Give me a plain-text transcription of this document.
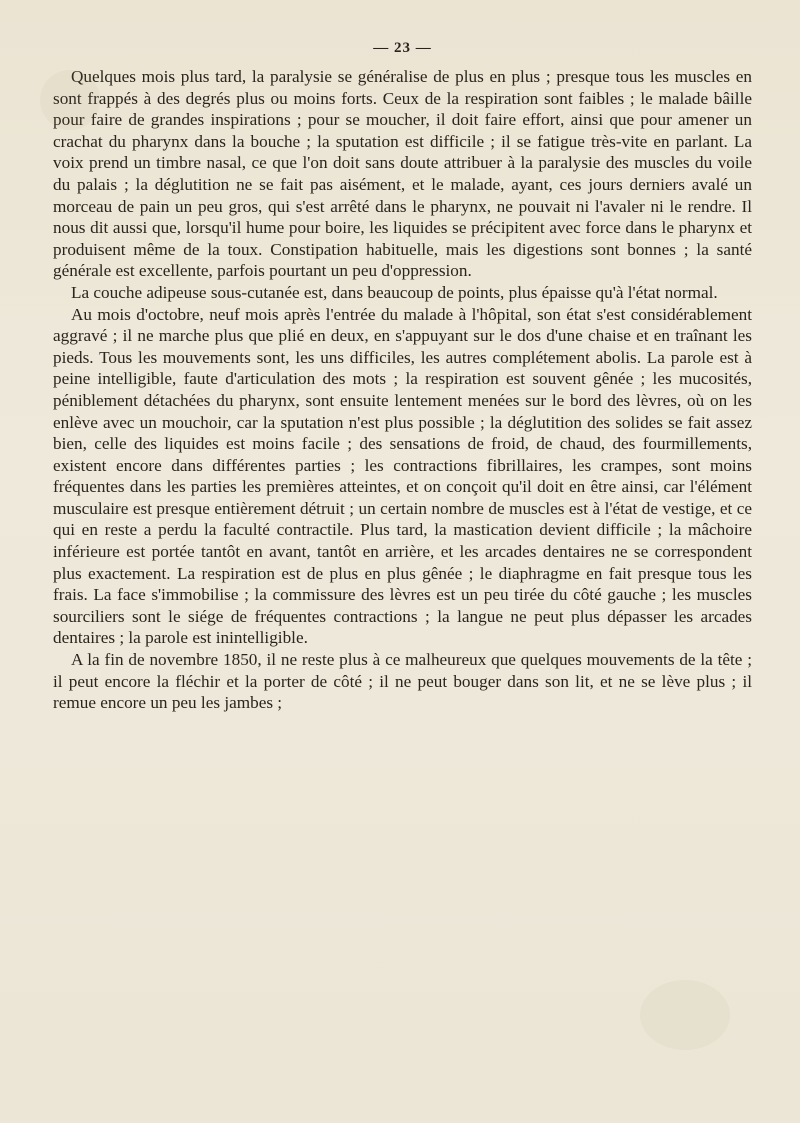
— 23 —

Quelques mois plus tard, la paralysie se généralise de plus en plus ; presque tous les muscles en sont frappés à des degrés plus ou moins forts. Ceux de la respiration sont faibles ; le malade bâille pour faire de grandes inspirations ; pour se moucher, il doit faire effort, ainsi que pour amener un crachat du pharynx dans la bouche ; la sputation est difficile ; il se fatigue très-vite en parlant. La voix prend un timbre nasal, ce que l'on doit sans doute attribuer à la paralysie des muscles du voile du palais ; la déglutition ne se fait pas aisément, et le malade, ayant, ces jours derniers avalé un morceau de pain un peu gros, qui s'est arrêté dans le pharynx, ne pouvait ni l'avaler ni le rendre. Il nous dit aussi que, lorsqu'il hume pour boire, les liquides se précipitent avec force dans le pharynx et produisent même de la toux. Constipation habituelle, mais les digestions sont bonnes ; la santé générale est excellente, parfois pourtant un peu d'oppression.

La couche adipeuse sous-cutanée est, dans beaucoup de points, plus épaisse qu'à l'état normal.

Au mois d'octobre, neuf mois après l'entrée du malade à l'hôpital, son état s'est considérablement aggravé ; il ne marche plus que plié en deux, en s'appuyant sur le dos d'une chaise et en traînant les pieds. Tous les mouvements sont, les uns difficiles, les autres complétement abolis. La parole est à peine intelligible, faute d'articulation des mots ; la respiration est souvent gênée ; les mucosités, péniblement détachées du pharynx, sont ensuite lentement menées sur le bord des lèvres, où on les enlève avec un mouchoir, car la sputation n'est plus possible ; la déglutition des solides se fait assez bien, celle des liquides est moins facile ; des sensations de froid, de chaud, des fourmillements, existent encore dans différentes parties ; les contractions fibrillaires, les crampes, sont moins fréquentes dans les parties les premières atteintes, et on conçoit qu'il doit en être ainsi, car l'élément musculaire est presque entièrement détruit ; un certain nombre de muscles est à l'état de vestige, et ce qui en reste a perdu la faculté contractile. Plus tard, la mastication devient difficile ; la mâchoire inférieure est portée tantôt en avant, tantôt en arrière, et les arcades dentaires ne se correspondent plus exactement. La respiration est de plus en plus gênée ; le diaphragme en fait presque tous les frais. La face s'immobilise ; la commissure des lèvres est un peu tirée du côté gauche ; les muscles sourciliers sont le siége de fréquentes contractions ; la langue ne peut plus dépasser les arcades dentaires ; la parole est inintelligible.

A la fin de novembre 1850, il ne reste plus à ce malheureux que quelques mouvements de la tête ; il peut encore la fléchir et la porter de côté ; il ne peut bouger dans son lit, et ne se lève plus ; il remue encore un peu les jambes ;
